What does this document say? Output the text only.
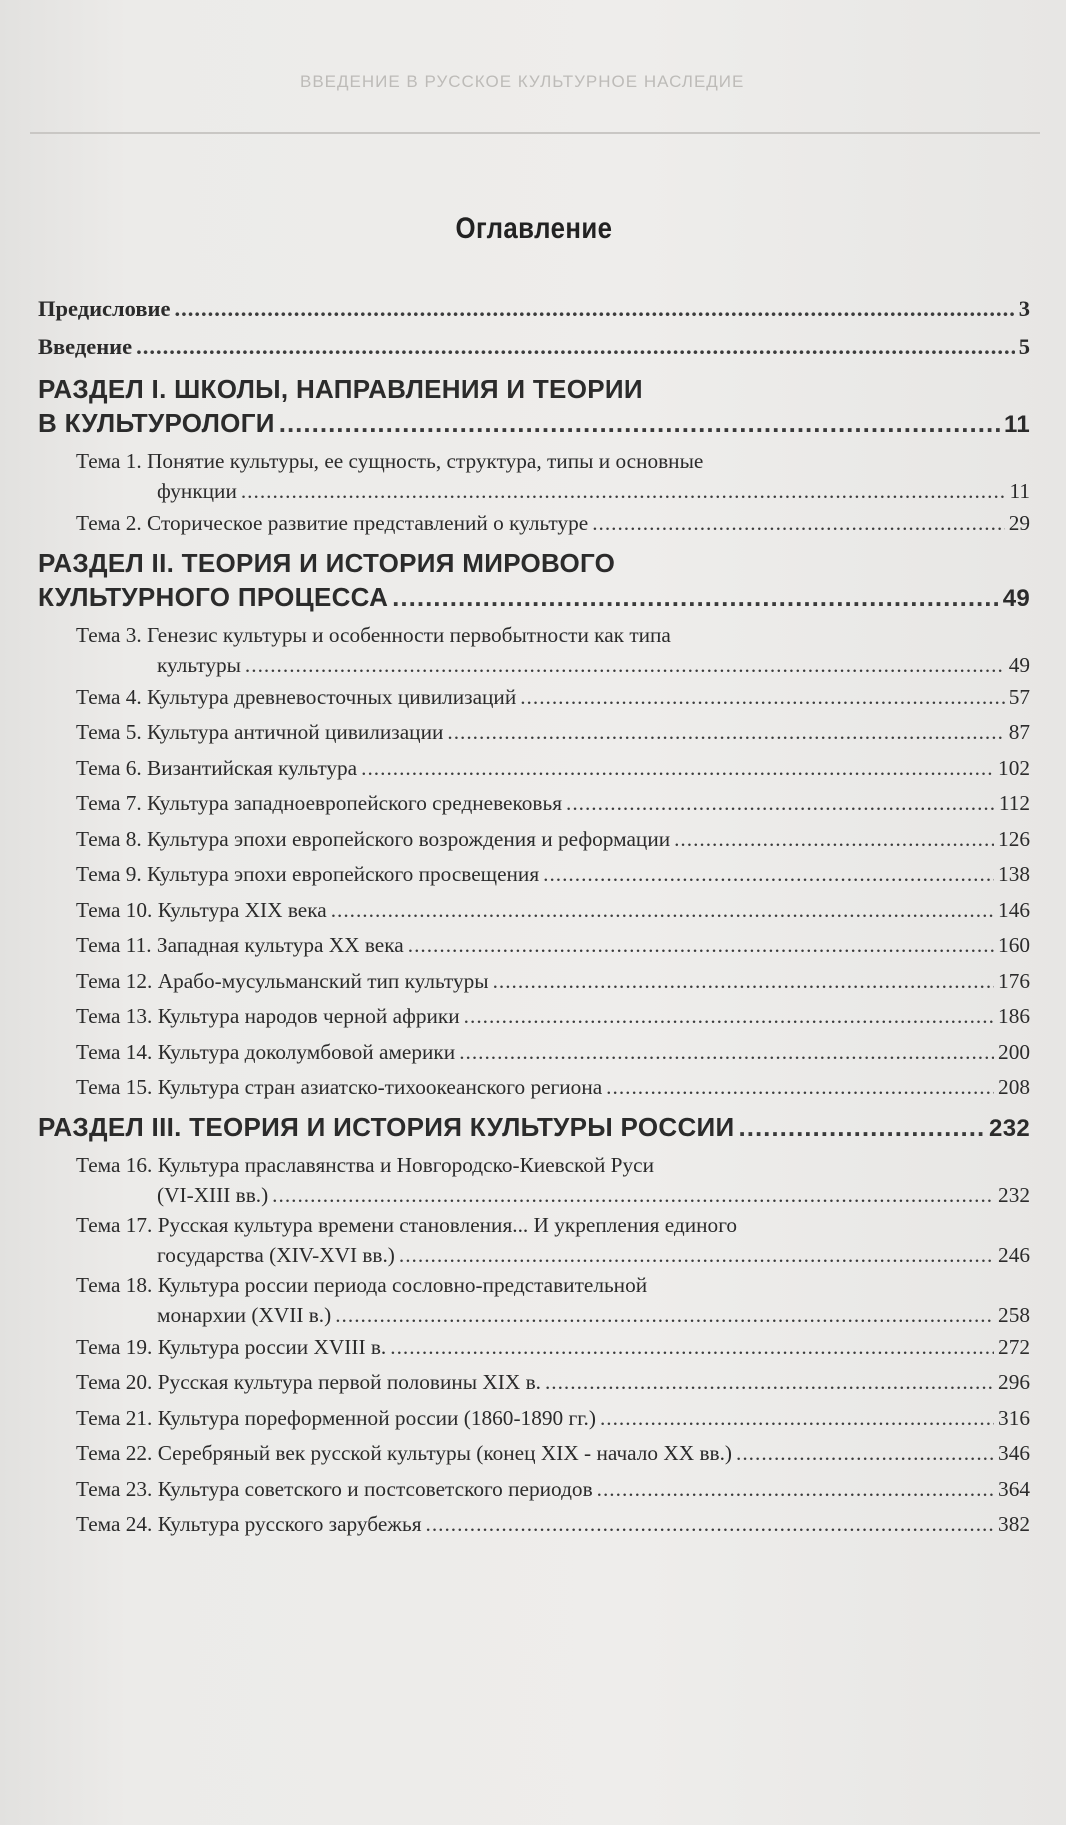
ВВЕДЕНИЕ В РУССКОЕ КУЛЬТУРНОЕ НАСЛЕДИЕ
Оглавление
Предисловие .....	3
Введение .....	5
РАЗДЕЛ I. ШКОЛЫ, НАПРАВЛЕНИЯ И ТЕОРИИ
В КУЛЬТУРОЛОГИ .....	11
Тема 1. Понятие культуры, ее сущность, структура, типы и основные
функции .....	11
Тема 2. Сторическое развитие представлений о культуре .....	29
РАЗДЕЛ II. ТЕОРИЯ И ИСТОРИЯ МИРОВОГО
КУЛЬТУРНОГО ПРОЦЕССА .....	49
Тема 3. Генезис культуры и особенности первобытности как типа
культуры .....	49
Тема 4. Культура древневосточных цивилизаций .....	57
Тема 5. Культура античной цивилизации .....	87
Тема 6. Византийская культура .....	102
Тема 7. Культура западноевропейского средневековья .....	112
Тема 8. Культура эпохи европейского возрождения и реформации .....	126
Тема 9. Культура эпохи европейского просвещения .....	138
Тема 10. Культура XIX века .....	146
Тема 11. Западная культура XX века .....	160
Тема 12. Арабо-мусульманский тип культуры .....	176
Тема 13. Культура народов черной африки .....	186
Тема 14. Культура доколумбовой америки .....	200
Тема 15. Культура стран азиатско-тихоокеанского региона .....	208
РАЗДЕЛ III. ТЕОРИЯ И ИСТОРИЯ КУЛЬТУРЫ РОССИИ .....	232
Тема 16. Культура праславянства и Новгородско-Киевской Руси
(VI-XIII вв.) .....	232
Тема 17. Русская культура времени становления... И укрепления единого
государства (XIV-XVI вв.) .....	246
Тема 18. Культура россии периода сословно-представительной
монархии (XVII в.) .....	258
Тема 19. Культура россии XVIII в. .....	272
Тема 20. Русская культура первой половины XIX в. .....	296
Тема 21. Культура пореформенной россии (1860-1890 гг.) .....	316
Тема 22. Серебряный век русской культуры (конец XIX - начало XX вв.) .....	346
Тема 23. Культура советского и постсоветского периодов .....	364
Тема 24. Культура русского зарубежья .....	382
